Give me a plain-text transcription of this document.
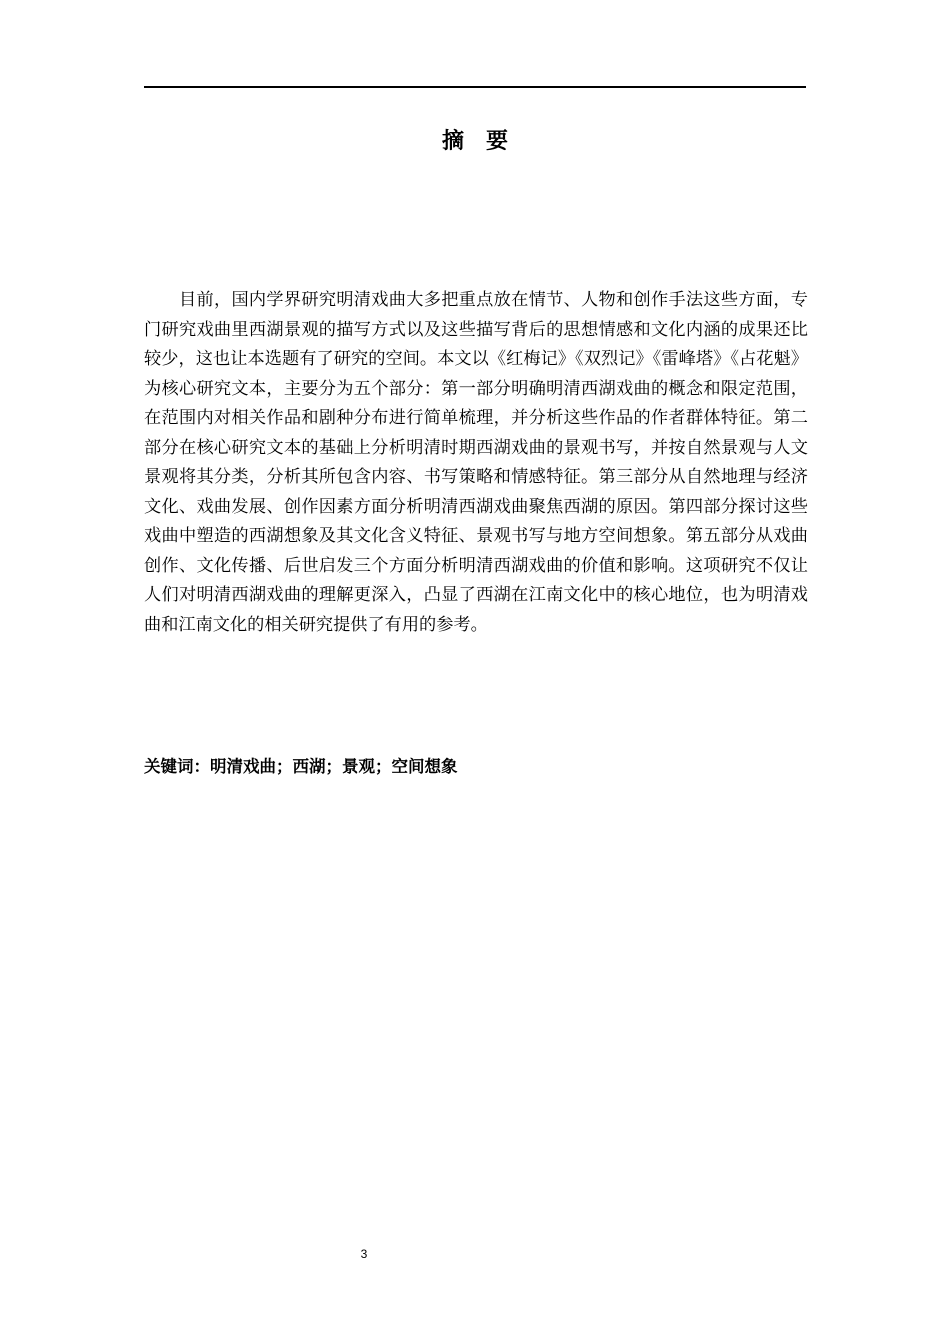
摘要

目前，国内学界研究明清戏曲大多把重点放在情节、人物和创作手法这些方面，专门研究戏曲里西湖景观的描写方式以及这些描写背后的思想情感和文化内涵的成果还比较少，这也让本选题有了研究的空间。本文以《红梅记》《双烈记》《雷峰塔》《占花魁》为核心研究文本，主要分为五个部分：第一部分明确明清西湖戏曲的概念和限定范围，在范围内对相关作品和剧种分布进行简单梳理，并分析这些作品的作者群体特征。第二部分在核心研究文本的基础上分析明清时期西湖戏曲的景观书写，并按自然景观与人文景观将其分类，分析其所包含内容、书写策略和情感特征。第三部分从自然地理与经济文化、戏曲发展、创作因素方面分析明清西湖戏曲聚焦西湖的原因。第四部分探讨这些戏曲中塑造的西湖想象及其文化含义特征、景观书写与地方空间想象。第五部分从戏曲创作、文化传播、后世启发三个方面分析明清西湖戏曲的价值和影响。这项研究不仅让人们对明清西湖戏曲的理解更深入，凸显了西湖在江南文化中的核心地位，也为明清戏曲和江南文化的相关研究提供了有用的参考。

关键词：明清戏曲；西湖；景观；空间想象
3
